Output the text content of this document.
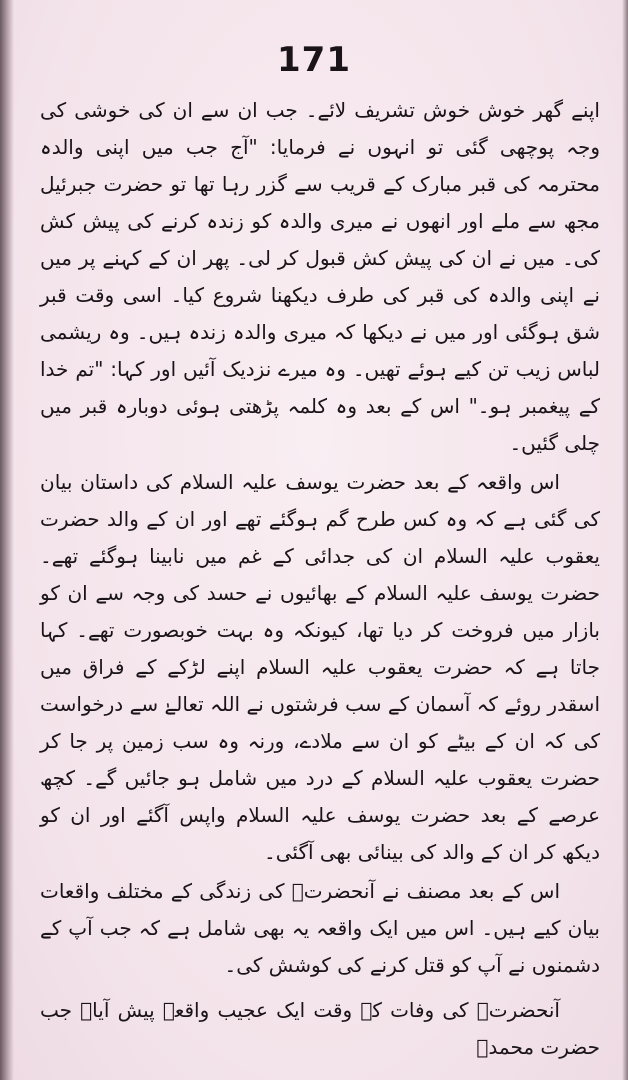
171

اپنے گھر خوش خوش تشریف لائے۔ جب ان سے ان کی خوشی کی وجہ پوچھی گئی تو انہوں نے فرمایا: "آج جب میں اپنی والدہ محترمہ کی قبر مبارک کے قریب سے گزر رہا تھا تو حضرت جبرئیل مجھ سے ملے اور انھوں نے میری والدہ کو زندہ کرنے کی پیش کش کی۔ میں نے ان کی پیش کش قبول کر لی۔ پھر ان کے کہنے پر میں نے اپنی والدہ کی قبر کی طرف دیکھنا شروع کیا۔ اسی وقت قبر شق ہوگئی اور میں نے دیکھا کہ میری والدہ زندہ ہیں۔ وہ ریشمی لباس زیب تن کیے ہوئے تھیں۔ وہ میرے نزدیک آئیں اور کہا: "تم خدا کے پیغمبر ہو۔" اس کے بعد وہ کلمہ پڑھتی ہوئی دوبارہ قبر میں چلی گئیں۔

اس واقعہ کے بعد حضرت یوسف علیہ السلام کی داستان بیان کی گئی ہے کہ وہ کس طرح گم ہوگئے تھے اور ان کے والد حضرت یعقوب علیہ السلام ان کی جدائی کے غم میں نابینا ہوگئے تھے۔ حضرت یوسف علیہ السلام کے بھائیوں نے حسد کی وجہ سے ان کو بازار میں فروخت کر دیا تھا، کیونکہ وہ بہت خوبصورت تھے۔ کہا جاتا ہے کہ حضرت یعقوب علیہ السلام اپنے لڑکے کے فراق میں اسقدر روئے کہ آسمان کے سب فرشتوں نے اللہ تعالےٰ سے درخواست کی کہ ان کے بیٹے کو ان سے ملادے، ورنہ وہ سب زمین پر جا کر حضرت یعقوب علیہ السلام کے درد میں شامل ہو جائیں گے۔ کچھ عرصے کے بعد حضرت یوسف علیہ السلام واپس آگئے اور ان کو دیکھ کر ان کے والد کی بینائی بھی آگئی۔

اس کے بعد مصنف نے آنحضرتؐ کی زندگی کے مختلف واقعات بیان کیے ہیں۔ اس میں ایک واقعہ یہ بھی شامل ہے کہ جب آپ کے دشمنوں نے آپ کو قتل کرنے کی کوشش کی۔

آنحضرتؐ کی وفات کے وقت ایک عجیب واقعہ پیش آیا۔ جب حضرت محمدؐ
